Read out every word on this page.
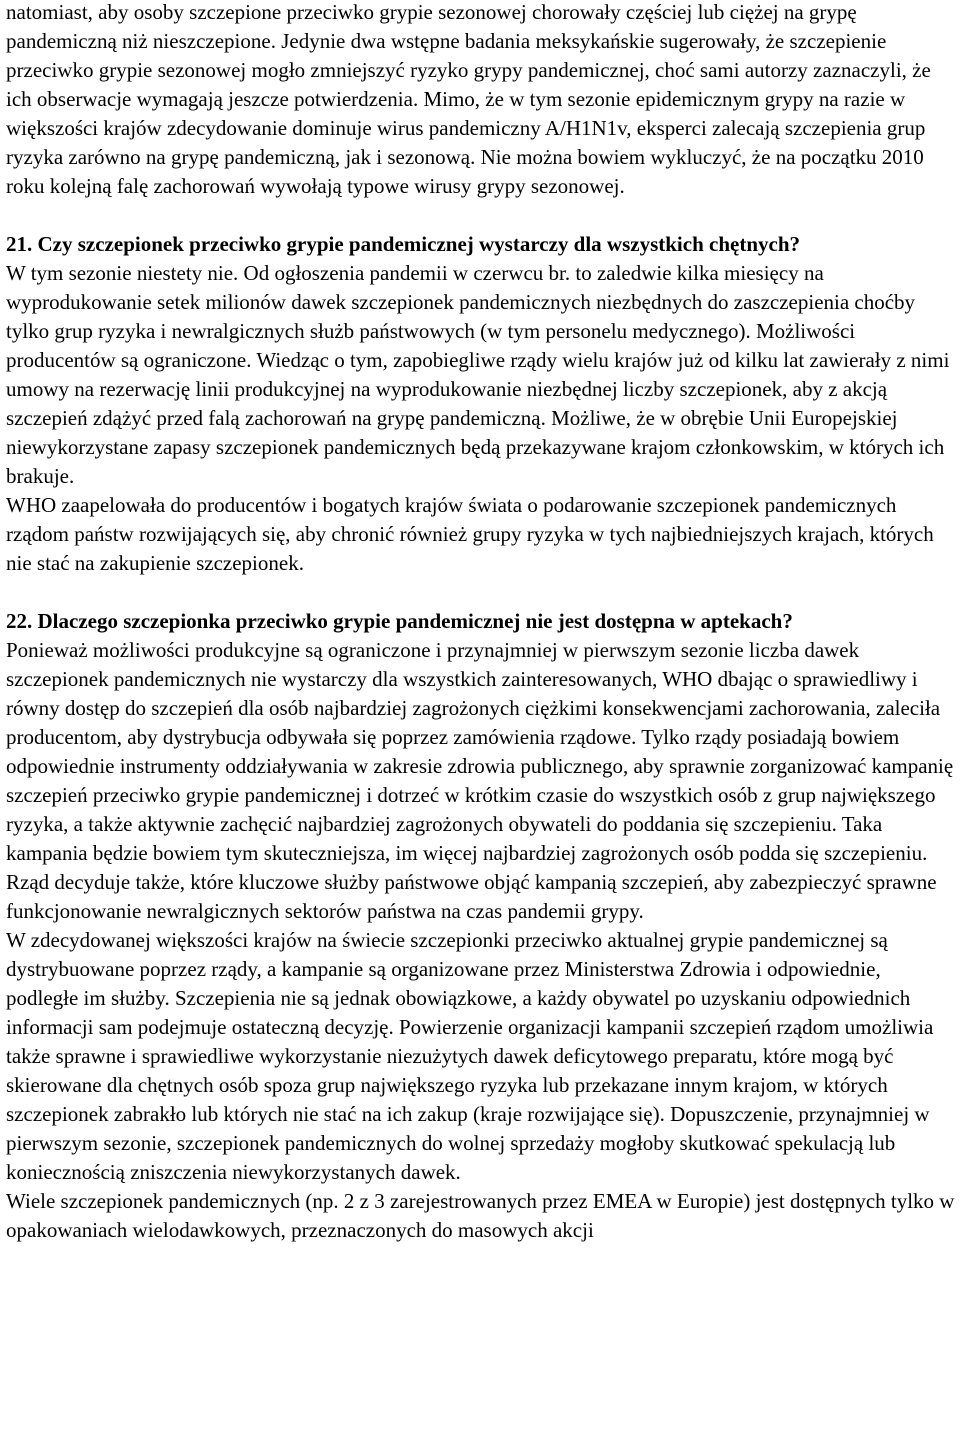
natomiast, aby osoby szczepione przeciwko grypie sezonowej chorowały częściej lub ciężej na grypę pandemiczną niż nieszczepione. Jedynie dwa wstępne badania meksykańskie sugerowały, że szczepienie przeciwko grypie sezonowej mogło zmniejszyć ryzyko grypy pandemicznej, choć sami autorzy zaznaczyli, że ich obserwacje wymagają jeszcze potwierdzenia. Mimo, że w tym sezonie epidemicznym grypy na razie w większości krajów zdecydowanie dominuje wirus pandemiczny A/H1N1v, eksperci zalecają szczepienia grup ryzyka zarówno na grypę pandemiczną, jak i sezonową. Nie można bowiem wykluczyć, że na początku 2010 roku kolejną falę zachorowań wywołają typowe wirusy grypy sezonowej.

21. Czy szczepionek przeciwko grypie pandemicznej wystarczy dla wszystkich chętnych?

W tym sezonie niestety nie. Od ogłoszenia pandemii w czerwcu br. to zaledwie kilka miesięcy na wyprodukowanie setek milionów dawek szczepionek pandemicznych niezbędnych do zaszczepienia choćby tylko grup ryzyka i newralgicznych służb państwowych (w tym personelu medycznego). Możliwości producentów są ograniczone. Wiedząc o tym, zapobiegliwe rządy wielu krajów już od kilku lat zawierały z nimi umowy na rezerwację linii produkcyjnej na wyprodukowanie niezbędnej liczby szczepionek, aby z akcją szczepień zdążyć przed falą zachorowań na grypę pandemiczną. Możliwe, że w obrębie Unii Europejskiej niewykorzystane zapasy szczepionek pandemicznych będą przekazywane krajom członkowskim, w których ich brakuje.

WHO zaapelowała do producentów i bogatych krajów świata o podarowanie szczepionek pandemicznych rządom państw rozwijających się, aby chronić również grupy ryzyka w tych najbiedniejszych krajach, których nie stać na zakupienie szczepionek.

22. Dlaczego szczepionka przeciwko grypie pandemicznej nie jest dostępna w aptekach?

Ponieważ możliwości produkcyjne są ograniczone i przynajmniej w pierwszym sezonie liczba dawek szczepionek pandemicznych nie wystarczy dla wszystkich zainteresowanych, WHO dbając o sprawiedliwy i równy dostęp do szczepień dla osób najbardziej zagrożonych ciężkimi konsekwencjami zachorowania, zaleciła producentom, aby dystrybucja odbywała się poprzez zamówienia rządowe. Tylko rządy posiadają bowiem odpowiednie instrumenty oddziaływania w zakresie zdrowia publicznego, aby sprawnie zorganizować kampanię szczepień przeciwko grypie pandemicznej i dotrzeć w krótkim czasie do wszystkich osób z grup największego ryzyka, a także aktywnie zachęcić najbardziej zagrożonych obywateli do poddania się szczepieniu. Taka kampania będzie bowiem tym skuteczniejsza, im więcej najbardziej zagrożonych osób podda się szczepieniu. Rząd decyduje także, które kluczowe służby państwowe objąć kampanią szczepień, aby zabezpieczyć sprawne funkcjonowanie newralgicznych sektorów państwa na czas pandemii grypy.

W zdecydowanej większości krajów na świecie szczepionki przeciwko aktualnej grypie pandemicznej są dystrybuowane poprzez rządy, a kampanie są organizowane przez Ministerstwa Zdrowia i odpowiednie, podległe im służby. Szczepienia nie są jednak obowiązkowe, a każdy obywatel po uzyskaniu odpowiednich informacji sam podejmuje ostateczną decyzję. Powierzenie organizacji kampanii szczepień rządom umożliwia także sprawne i sprawiedliwe wykorzystanie niezużytych dawek deficytowego preparatu, które mogą być skierowane dla chętnych osób spoza grup największego ryzyka lub przekazane innym krajom, w których szczepionek zabrakło lub których nie stać na ich zakup (kraje rozwijające się). Dopuszczenie, przynajmniej w pierwszym sezonie, szczepionek pandemicznych do wolnej sprzedaży mogłoby skutkować spekulacją lub koniecznością zniszczenia niewykorzystanych dawek.

Wiele szczepionek pandemicznych (np. 2 z 3 zarejestrowanych przez EMEA w Europie) jest dostępnych tylko w opakowaniach wielodawkowych, przeznaczonych do masowych akcji
